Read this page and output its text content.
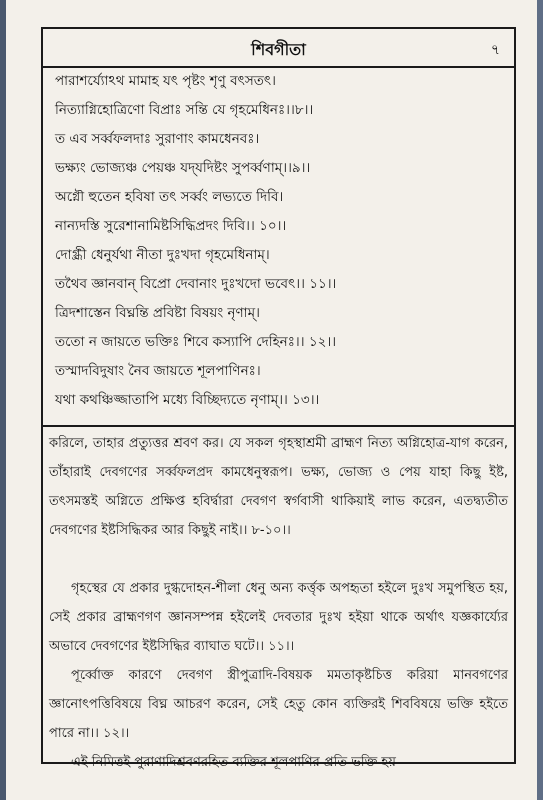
শিবগীতা	৭
পারাশর্য্যোঽথ মামাহ যৎ পৃষ্টং শৃণু বৎসতৎ।
নিত্যাগ্নিহোত্রিণো বিপ্রাঃ সন্তি যে গৃহমেধিনঃ।।৮।।
ত এব সর্ব্বফলদাঃ সুরাণাং কামধেনবঃ।
ভক্ষ্যং ভোজ্যঞ্চ পেয়ঞ্চ যদ্‌যদিষ্টং সুপর্ব্বণাম্।।৯।।
অগ্নৌ হুতেন হবিষা তৎ সর্ব্বং লভ্যতে দিবি।
নান্যদস্তি সুরেশানামিষ্টসিদ্ধিপ্রদং দিবি।। ১০।।
দোগ্ধ্রী ধেনুর্যথা নীতা দুঃখদা গৃহমেধিনাম্।
তথৈব জ্ঞানবান্ বিপ্রো দেবানাং দুঃখদো ভবেৎ।। ১১।।
ত্রিদশাস্তেন বিঘ্নন্তি প্রবিষ্টা বিষয়ং নৃণাম্।
ততো ন জায়তে ভক্তিঃ শিবে কস্যাপি দেহিনঃ।। ১২।।
তস্মাদবিদুষাং নৈব জায়তে শূলপাণিনঃ।
যথা কথঞ্চিজ্জাতাপি মধ্যে বিচ্ছিদ্যতে নৃণাম্।। ১৩।।
করিলে, তাহার প্রত্যুত্তর শ্রবণ কর। যে সকল গৃহস্থাশ্রমী ব্রাহ্মণ নিত্য অগ্নিহোত্র-যাগ করেন, তাঁহারাই দেবগণের সর্ব্বফলপ্রদ কামধেনুস্বরূপ। ভক্ষ্য, ভোজ্য ও পেয় যাহা কিছু ইষ্ট, তৎসমস্তই অগ্নিতে প্রক্ষিপ্ত হবির্দ্বারা দেবগণ স্বর্গবাসী থাকিয়াই লাভ করেন, এতদ্ব্যতীত দেবগণের ইষ্টসিদ্ধিকর আর কিছুই নাই।। ৮-১০।।
গৃহস্থের যে প্রকার দুগ্ধদোহন-শীলা ধেনু অন্য কর্ত্তৃক অপহৃতা হইলে দুঃখ সমুপস্থিত হয়, সেই প্রকার ব্রাহ্মণগণ জ্ঞানসম্পন্ন হইলেই দেবতার দুঃখ হইয়া থাকে অর্থাৎ যজ্ঞকার্য্যের অভাবে দেবগণের ইষ্টসিদ্ধির ব্যাঘাত ঘটে।। ১১।।
পূর্ব্বোক্ত কারণে দেবগণ স্ত্রীপুত্রাদি-বিষয়ক মমতাকৃষ্টচিত্ত করিয়া মানবগণের জ্ঞানোৎপত্তিবিষয়ে বিঘ্ন আচরণ করেন, সেই হেতু কোন ব্যক্তিরই শিববিষয়ে ভক্তি হইতে পারে না।। ১২।।
এই নিমিত্তই পুরাণাদিশ্রবণরহিত ব্যক্তির শূলপাণির প্রতি ভক্তি হয়
